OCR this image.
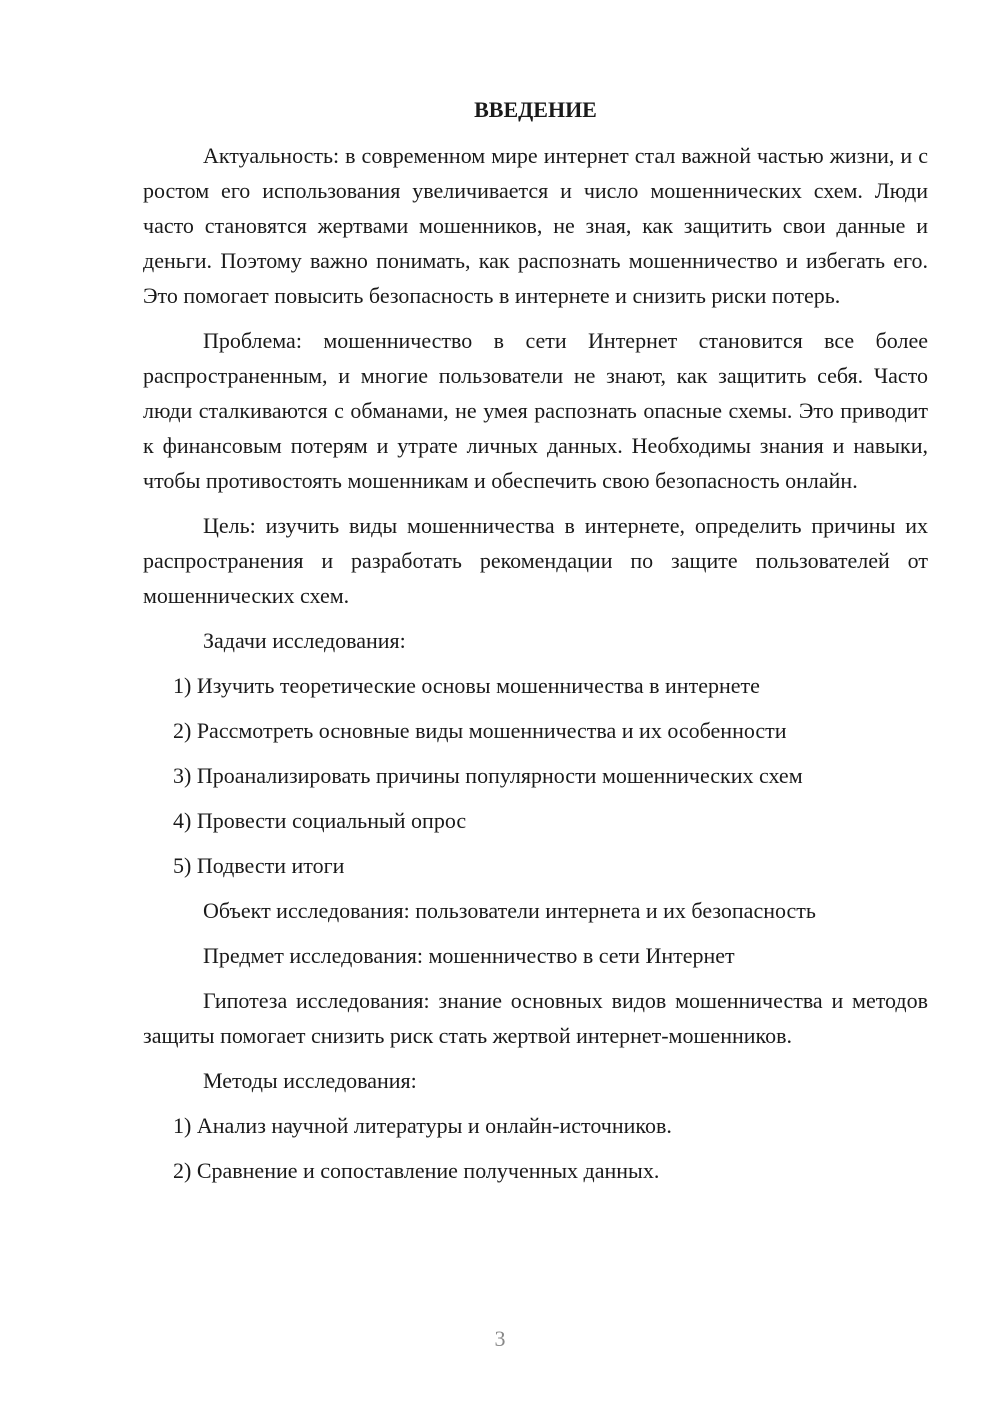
ВВЕДЕНИЕ

Актуальность: в современном мире интернет стал важной частью жизни, и с ростом его использования увеличивается и число мошеннических схем. Люди часто становятся жертвами мошенников, не зная, как защитить свои данные и деньги. Поэтому важно понимать, как распознать мошенничество и избегать его. Это помогает повысить безопасность в интернете и снизить риски потерь.

Проблема: мошенничество в сети Интернет становится все более распространенным, и многие пользователи не знают, как защитить себя. Часто люди сталкиваются с обманами, не умея распознать опасные схемы. Это приводит к финансовым потерям и утрате личных данных. Необходимы знания и навыки, чтобы противостоять мошенникам и обеспечить свою безопасность онлайн.

Цель: изучить виды мошенничества в интернете, определить причины их распространения и разработать рекомендации по защите пользователей от мошеннических схем.

Задачи исследования:

1) Изучить теоретические основы мошенничества в интернете

2) Рассмотреть основные виды мошенничества и их особенности

3) Проанализировать причины популярности мошеннических схем

4) Провести социальный опрос

5) Подвести итоги

Объект исследования: пользователи интернета и их безопасность

Предмет исследования: мошенничество в сети Интернет

Гипотеза исследования: знание основных видов мошенничества и методов защиты помогает снизить риск стать жертвой интернет-мошенников.

Методы исследования:

1) Анализ научной литературы и онлайн-источников.

2) Сравнение и сопоставление полученных данных.

3
